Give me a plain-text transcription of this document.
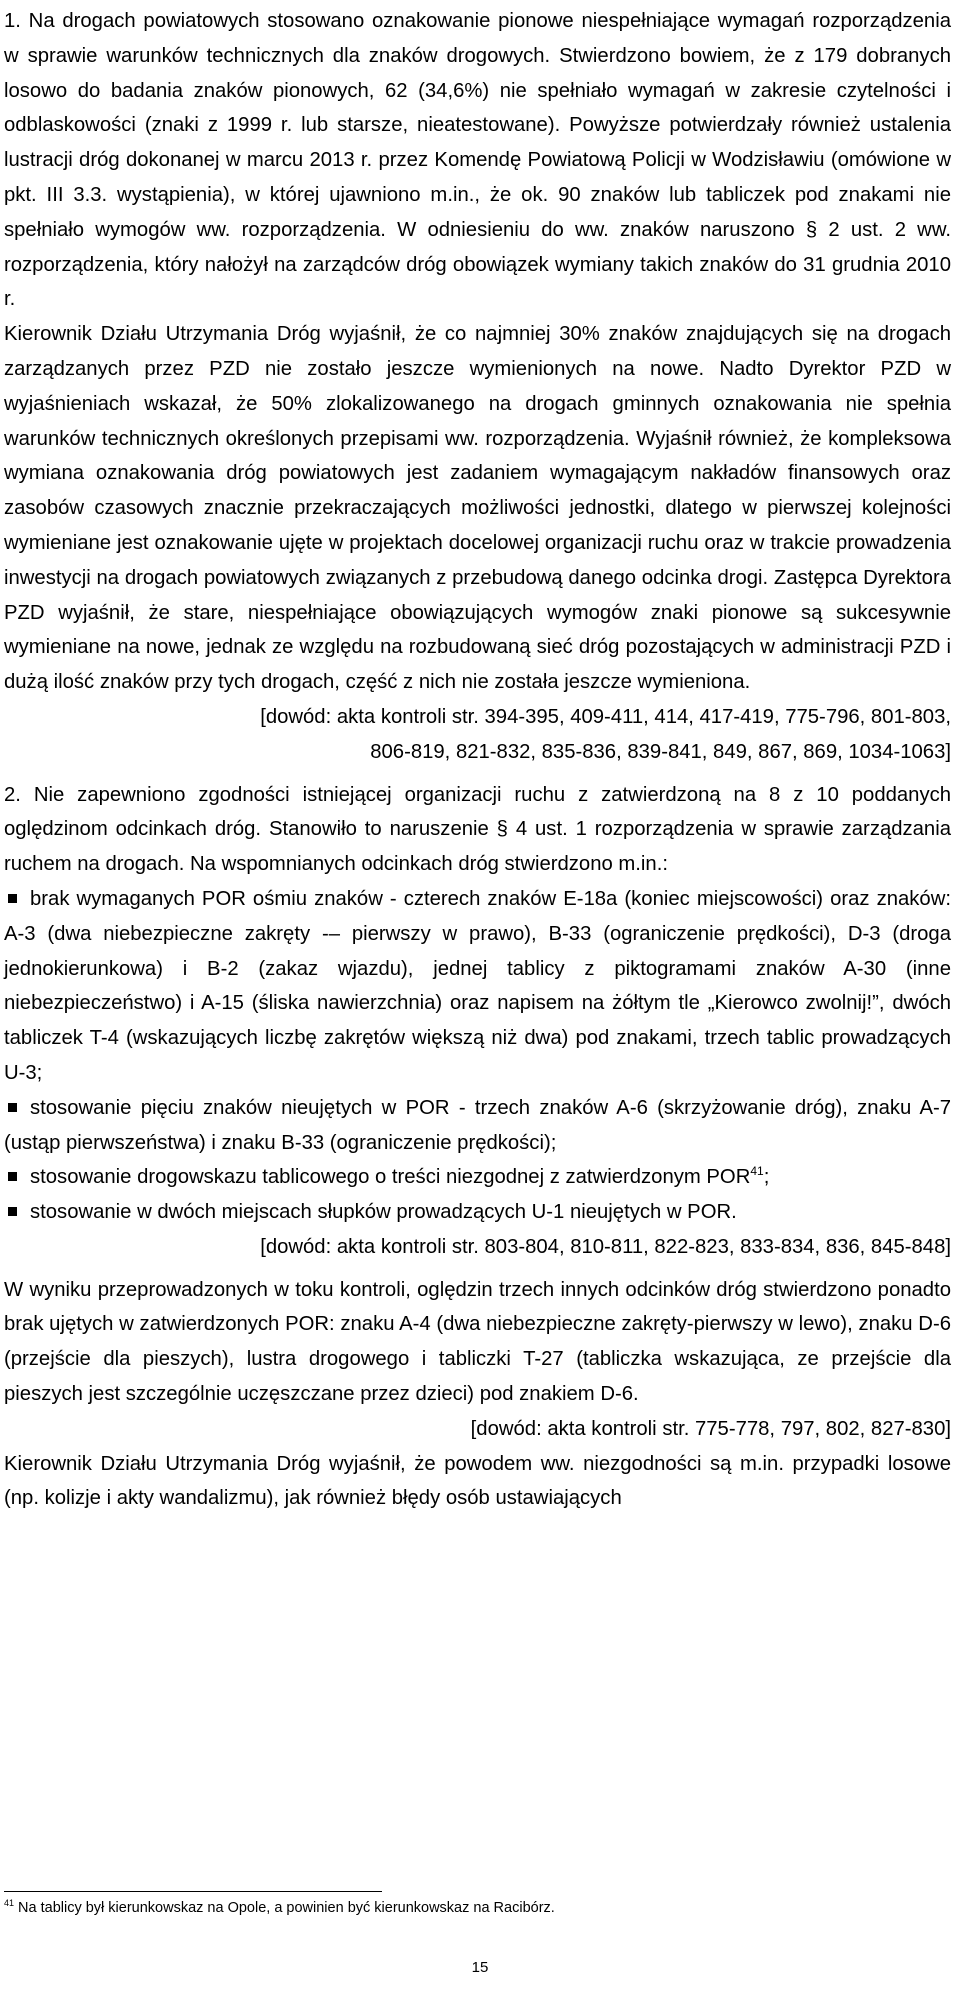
1. Na drogach powiatowych stosowano oznakowanie pionowe niespełniające wymagań rozporządzenia w sprawie warunków technicznych dla znaków drogowych. Stwierdzono bowiem, że z 179 dobranych losowo do badania znaków pionowych, 62 (34,6%) nie spełniało wymagań w zakresie czytelności i odblaskowości (znaki z 1999 r. lub starsze, nieatestowane). Powyższe potwierdzały również ustalenia lustracji dróg dokonanej w marcu 2013 r. przez Komendę Powiatową Policji w Wodzisławiu (omówione w pkt. III 3.3. wystąpienia), w której ujawniono m.in., że ok. 90 znaków lub tabliczek pod znakami nie spełniało wymogów ww. rozporządzenia. W odniesieniu do ww. znaków naruszono § 2 ust. 2 ww. rozporządzenia, który nałożył na zarządców dróg obowiązek wymiany takich znaków do 31 grudnia 2010 r.

Kierownik Działu Utrzymania Dróg wyjaśnił, że co najmniej 30% znaków znajdujących się na drogach zarządzanych przez PZD nie zostało jeszcze wymienionych na nowe. Nadto Dyrektor PZD w wyjaśnieniach wskazał, że 50% zlokalizowanego na drogach gminnych oznakowania nie spełnia warunków technicznych określonych przepisami ww. rozporządzenia. Wyjaśnił również, że kompleksowa wymiana oznakowania dróg powiatowych jest zadaniem wymagającym nakładów finansowych oraz zasobów czasowych znacznie przekraczających możliwości jednostki, dlatego w pierwszej kolejności wymieniane jest oznakowanie ujęte w projektach docelowej organizacji ruchu oraz w trakcie prowadzenia inwestycji na drogach powiatowych związanych z przebudową danego odcinka drogi. Zastępca Dyrektora PZD wyjaśnił, że stare, niespełniające obowiązujących wymogów znaki pionowe są sukcesywnie wymieniane na nowe, jednak ze względu na rozbudowaną sieć dróg pozostających w administracji PZD i dużą ilość znaków przy tych drogach, część z nich nie została jeszcze wymieniona.

[dowód: akta kontroli str. 394-395, 409-411, 414, 417-419, 775-796, 801-803,

806-819, 821-832, 835-836, 839-841, 849, 867, 869, 1034-1063]

2. Nie zapewniono zgodności istniejącej organizacji ruchu z zatwierdzoną na 8 z 10 poddanych oględzinom odcinkach dróg. Stanowiło to naruszenie § 4 ust. 1 rozporządzenia w sprawie zarządzania ruchem na drogach. Na wspomnianych odcinkach dróg stwierdzono m.in.:

brak wymaganych POR ośmiu znaków - czterech znaków E-18a (koniec miejscowości) oraz znaków: A-3 (dwa niebezpieczne zakręty -– pierwszy w prawo), B-33 (ograniczenie prędkości), D-3 (droga jednokierunkowa) i B-2 (zakaz wjazdu), jednej tablicy z piktogramami znaków A-30 (inne niebezpieczeństwo) i A-15 (śliska nawierzchnia) oraz napisem na żółtym tle „Kierowco zwolnij!”, dwóch tabliczek T-4 (wskazujących liczbę zakrętów większą niż dwa) pod znakami, trzech tablic prowadzących U-3;
stosowanie pięciu znaków nieujętych w POR - trzech znaków A-6 (skrzyżowanie dróg), znaku A-7 (ustąp pierwszeństwa) i znaku B-33 (ograniczenie prędkości);
stosowanie drogowskazu tablicowego o treści niezgodnej z zatwierdzonym POR$^{41}$;
stosowanie w dwóch miejscach słupków prowadzących U-1 nieujętych w POR.

[dowód: akta kontroli str. 803-804, 810-811, 822-823, 833-834, 836, 845-848]

W wyniku przeprowadzonych w toku kontroli, oględzin trzech innych odcinków dróg stwierdzono ponadto brak ujętych w zatwierdzonych POR: znaku A-4 (dwa niebezpieczne zakręty-pierwszy w lewo), znaku D-6 (przejście dla pieszych), lustra drogowego i tabliczki T-27 (tabliczka wskazująca, ze przejście dla pieszych jest szczególnie uczęszczane przez dzieci) pod znakiem D-6.

[dowód: akta kontroli str. 775-778, 797, 802, 827-830]

Kierownik Działu Utrzymania Dróg wyjaśnił, że powodem ww. niezgodności są m.in. przypadki losowe (np. kolizje i akty wandalizmu), jak również błędy osób ustawiających

$^{41}$ Na tablicy był kierunkowskaz na Opole, a powinien być kierunkowskaz na Racibórz.
15
